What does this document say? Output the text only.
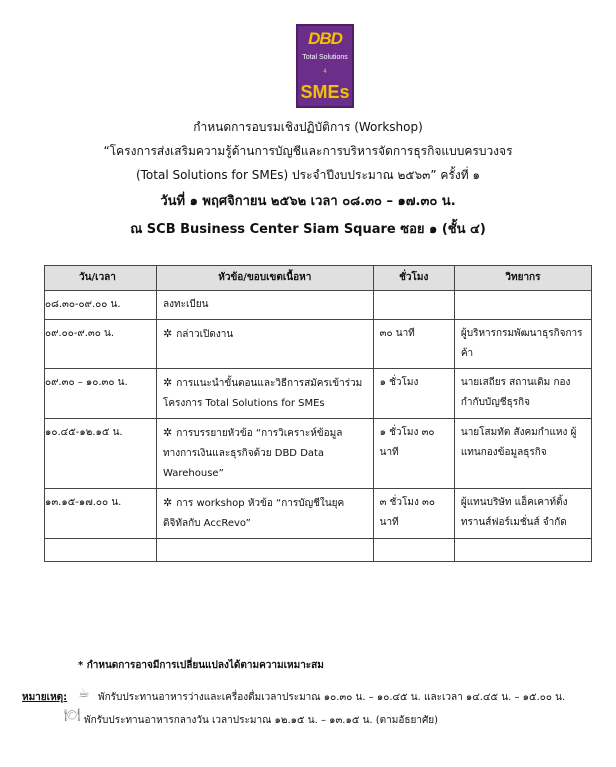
DBD
Total Solutions
4
SMEs
กำหนดการอบรมเชิงปฏิบัติการ (Workshop)
“โครงการส่งเสริมความรู้ด้านการบัญชีและการบริหารจัดการธุรกิจแบบครบวงจร
(Total Solutions for SMEs) ประจำปีงบประมาณ ๒๕๖๓” ครั้งที่ ๑
วันที่ ๑ พฤศจิกายน ๒๕๖๒ เวลา ๐๘.๓๐ – ๑๗.๓๐ น.
ณ SCB Business Center Siam Square ซอย ๑ (ชั้น ๔)
วัน/เวลา	หัวข้อ/ขอบเขตเนื้อหา	ชั่วโมง	วิทยากร
๐๘.๓๐-๐๙.๐๐ น.	ลงทะเบียน		
๐๙.๐๐-๙.๓๐ น.	✲ กล่าวเปิดงาน	๓๐ นาที	ผู้บริหารกรมพัฒนาธุรกิจการค้า
๐๙.๓๐ – ๑๐.๓๐ น.	✲ การแนะนำขั้นตอนและวิธีการสมัครเข้าร่วมโครงการ Total Solutions for SMEs	๑ ชั่วโมง	นายเสถียร สถานเดิม กองกำกับบัญชีธุรกิจ
๑๐.๔๕-๑๒.๑๕ น.	✲ การบรรยายหัวข้อ “การวิเคราะห์ข้อมูลทางการเงินและธุรกิจด้วย DBD Data Warehouse”	๑ ชั่วโมง ๓๐ นาที	นายโสมทัต สังคมกำแหง ผู้แทนกองข้อมูลธุรกิจ
๑๓.๑๕-๑๗.๐๐ น.	✲ การ workshop หัวข้อ “การบัญชีในยุคดิจิทัลกับ AccRevo”	๓ ชั่วโมง ๓๐ นาที	ผู้แทนบริษัท แอ็คเคาท์ติ้ง ทรานส์ฟอร์เมชั่นส์ จำกัด

* กำหนดการอาจมีการเปลี่ยนแปลงได้ตามความเหมาะสม
หมายเหตุ: ☕ พักรับประทานอาหารว่างและเครื่องดื่มเวลาประมาณ ๑๐.๓๐ น. – ๑๐.๔๕ น. และเวลา ๑๔.๔๕ น. – ๑๕.๐๐ น.
🍽 พักรับประทานอาหารกลางวัน เวลาประมาณ ๑๒.๑๕ น. – ๑๓.๑๕ น. (ตามอัธยาศัย)
